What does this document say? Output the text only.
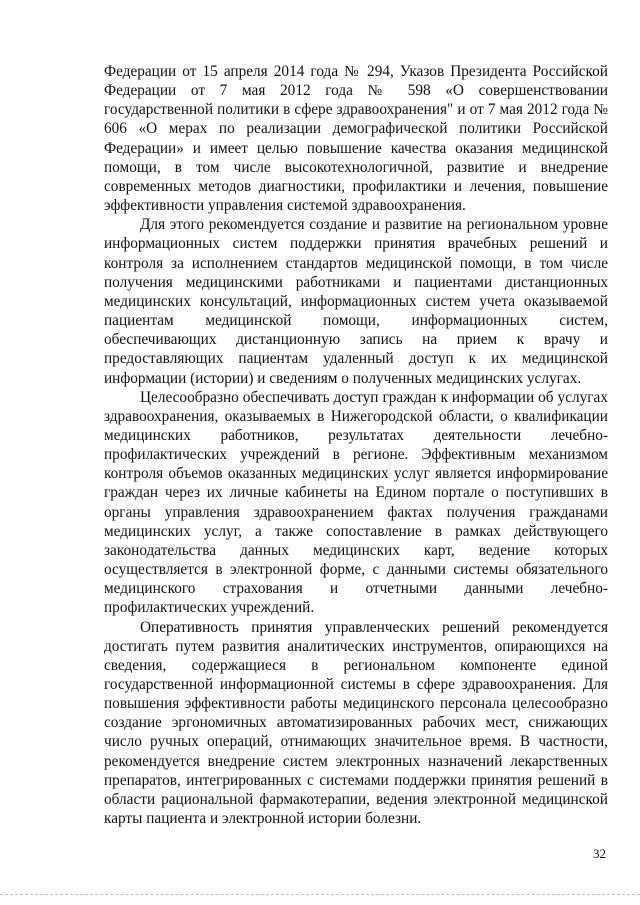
Федерации от 15 апреля 2014 года № 294, Указов Президента Российской Федерации от 7 мая 2012 года № 598 «О совершенствовании государственной политики в сфере здравоохранения" и от 7 мая 2012 года № 606 «О мерах по реализации демографической политики Российской Федерации» и имеет целью повышение качества оказания медицинской помощи, в том числе высокотехнологичной, развитие и внедрение современных методов диагностики, профилактики и лечения, повышение эффективности управления системой здравоохранения.

Для этого рекомендуется создание и развитие на региональном уровне информационных систем поддержки принятия врачебных решений и контроля за исполнением стандартов медицинской помощи, в том числе получения медицинскими работниками и пациентами дистанционных медицинских консультаций, информационных систем учета оказываемой пациентам медицинской помощи, информационных систем, обеспечивающих дистанционную запись на прием к врачу и предоставляющих пациентам удаленный доступ к их медицинской информации (истории) и сведениям о полученных медицинских услугах.

Целесообразно обеспечивать доступ граждан к информации об услугах здравоохранения, оказываемых в Нижегородской области, о квалификации медицинских работников, результатах деятельности лечебно-профилактических учреждений в регионе. Эффективным механизмом контроля объемов оказанных медицинских услуг является информирование граждан через их личные кабинеты на Едином портале о поступивших в органы управления здравоохранением фактах получения гражданами медицинских услуг, а также сопоставление в рамках действующего законодательства данных медицинских карт, ведение которых осуществляется в электронной форме, с данными системы обязательного медицинского страхования и отчетными данными лечебно-профилактических учреждений.

Оперативность принятия управленческих решений рекомендуется достигать путем развития аналитических инструментов, опирающихся на сведения, содержащиеся в региональном компоненте единой государственной информационной системы в сфере здравоохранения. Для повышения эффективности работы медицинского персонала целесообразно создание эргономичных автоматизированных рабочих мест, снижающих число ручных операций, отнимающих значительное время. В частности, рекомендуется внедрение систем электронных назначений лекарственных препаратов, интегрированных с системами поддержки принятия решений в области рациональной фармакотерапии, ведения электронной медицинской карты пациента и электронной истории болезни.

32
